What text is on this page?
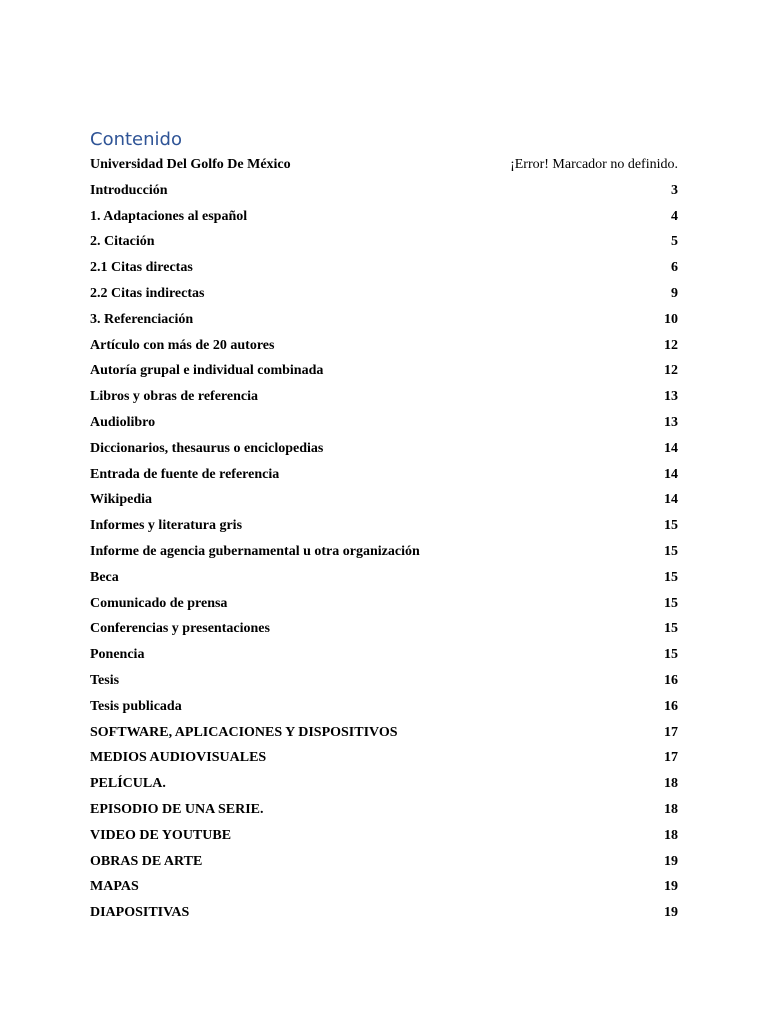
Contenido
Universidad Del Golfo De México	¡Error! Marcador no definido.
Introducción	3
1. Adaptaciones al español	4
2. Citación	5
2.1 Citas directas	6
2.2 Citas indirectas	9
3. Referenciación	10
Artículo con más de 20 autores	12
Autoría grupal e individual combinada	12
Libros y obras de referencia	13
Audiolibro	13
Diccionarios, thesaurus o enciclopedias	14
Entrada de fuente de referencia	14
Wikipedia	14
Informes y literatura gris	15
Informe de agencia gubernamental u otra organización	15
Beca	15
Comunicado de prensa	15
Conferencias y presentaciones	15
Ponencia	15
Tesis	16
Tesis publicada	16
SOFTWARE, APLICACIONES Y DISPOSITIVOS	17
MEDIOS AUDIOVISUALES	17
PELÍCULA.	18
EPISODIO DE UNA SERIE.	18
VIDEO DE YOUTUBE	18
OBRAS DE ARTE	19
MAPAS	19
DIAPOSITIVAS	19
